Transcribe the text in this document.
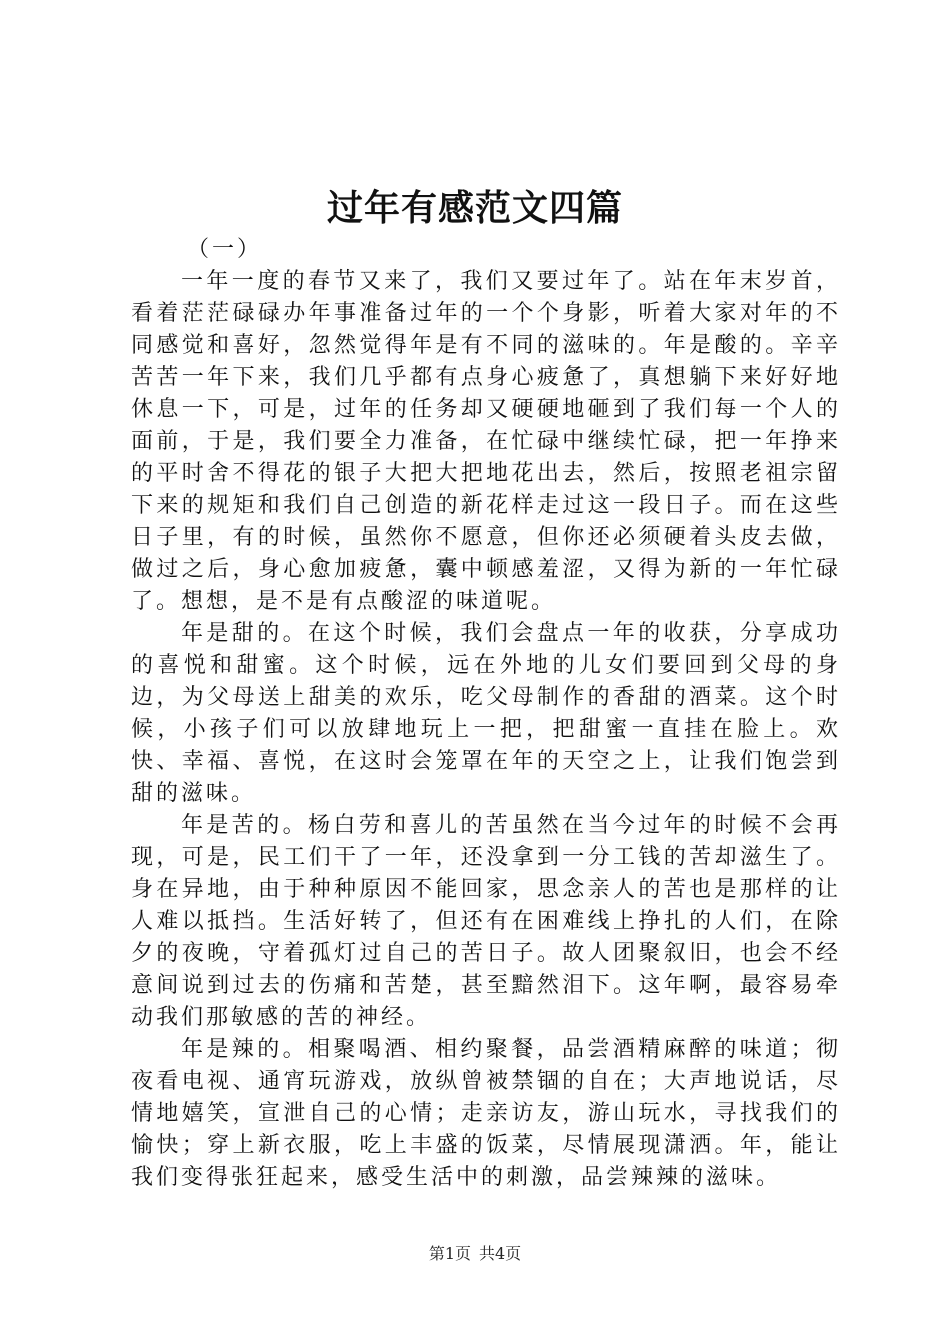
过年有感范文四篇
（一）

一年一度的春节又来了，我们又要过年了。站在年末岁首，看着茫茫碌碌办年事准备过年的一个个身影，听着大家对年的不同感觉和喜好，忽然觉得年是有不同的滋味的。年是酸的。辛辛苦苦一年下来，我们几乎都有点身心疲惫了，真想躺下来好好地休息一下，可是，过年的任务却又硬硬地砸到了我们每一个人的面前，于是，我们要全力准备，在忙碌中继续忙碌，把一年挣来的平时舍不得花的银子大把大把地花出去，然后，按照老祖宗留下来的规矩和我们自己创造的新花样走过这一段日子。而在这些日子里，有的时候，虽然你不愿意，但你还必须硬着头皮去做，做过之后，身心愈加疲惫，囊中顿感羞涩，又得为新的一年忙碌了。想想，是不是有点酸涩的味道呢。

年是甜的。在这个时候，我们会盘点一年的收获，分享成功的喜悦和甜蜜。这个时候，远在外地的儿女们要回到父母的身边，为父母送上甜美的欢乐，吃父母制作的香甜的酒菜。这个时候，小孩子们可以放肆地玩上一把，把甜蜜一直挂在脸上。欢快、幸福、喜悦，在这时会笼罩在年的天空之上，让我们饱尝到甜的滋味。

年是苦的。杨白劳和喜儿的苦虽然在当今过年的时候不会再现，可是，民工们干了一年，还没拿到一分工钱的苦却滋生了。身在异地，由于种种原因不能回家，思念亲人的苦也是那样的让人难以抵挡。生活好转了，但还有在困难线上挣扎的人们，在除夕的夜晚，守着孤灯过自己的苦日子。故人团聚叙旧，也会不经意间说到过去的伤痛和苦楚，甚至黯然泪下。这年啊，最容易牵动我们那敏感的苦的神经。

年是辣的。相聚喝酒、相约聚餐，品尝酒精麻醉的味道；彻夜看电视、通宵玩游戏，放纵曾被禁锢的自在；大声地说话，尽情地嬉笑，宣泄自己的心情；走亲访友，游山玩水，寻找我们的愉快；穿上新衣服，吃上丰盛的饭菜，尽情展现潇洒。年，能让我们变得张狂起来，感受生活中的刺激，品尝辣辣的滋味。

第1页 共4页
